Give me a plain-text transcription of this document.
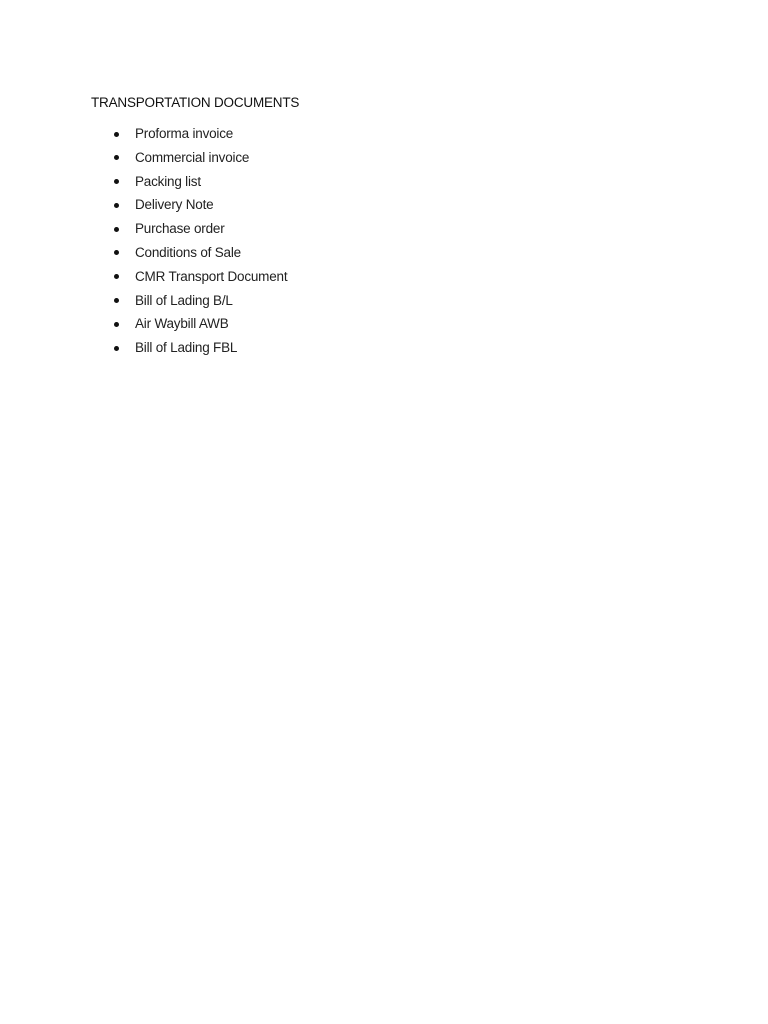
TRANSPORTATION DOCUMENTS
Proforma invoice
Commercial invoice
Packing list
Delivery Note
Purchase order
Conditions of Sale
CMR Transport Document
Bill of Lading B/L
Air Waybill AWB
Bill of Lading FBL
